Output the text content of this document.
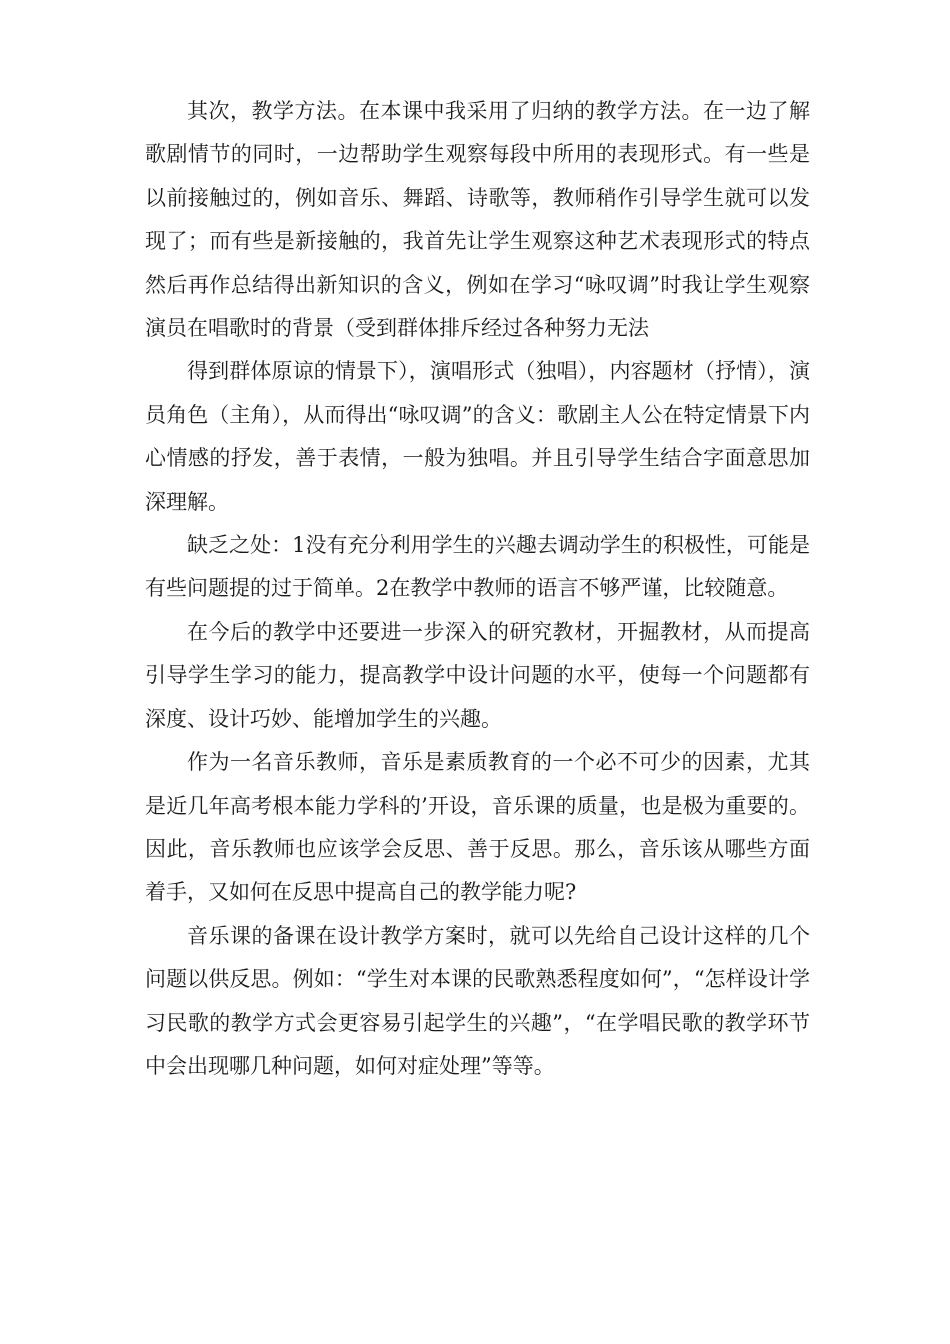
其次，教学方法。在本课中我采用了归纳的教学方法。在一边了解歌剧情节的同时，一边帮助学生观察每段中所用的表现形式。有一些是以前接触过的，例如音乐、舞蹈、诗歌等，教师稍作引导学生就可以发现了；而有些是新接触的，我首先让学生观察这种艺术表现形式的特点然后再作总结得出新知识的含义，例如在学习“咏叹调”时我让学生观察演员在唱歌时的背景（受到群体排斥经过各种努力无法

得到群体原谅的情景下），演唱形式（独唱），内容题材（抒情），演员角色（主角），从而得出“咏叹调”的含义：歌剧主人公在特定情景下内心情感的抒发，善于表情，一般为独唱。并且引导学生结合字面意思加深理解。

缺乏之处：1没有充分利用学生的兴趣去调动学生的积极性，可能是有些问题提的过于简单。2在教学中教师的语言不够严谨，比较随意。

在今后的教学中还要进一步深入的研究教材，开掘教材，从而提高引导学生学习的能力，提高教学中设计问题的水平，使每一个问题都有深度、设计巧妙、能增加学生的兴趣。

作为一名音乐教师，音乐是素质教育的一个必不可少的因素，尤其是近几年高考根本能力学科的’开设，音乐课的质量，也是极为重要的。因此，音乐教师也应该学会反思、善于反思。那么，音乐该从哪些方面着手，又如何在反思中提高自己的教学能力呢?

音乐课的备课在设计教学方案时，就可以先给自己设计这样的几个问题以供反思。例如：“学生对本课的民歌熟悉程度如何”，“怎样设计学习民歌的教学方式会更容易引起学生的兴趣”，“在学唱民歌的教学环节中会出现哪几种问题，如何对症处理”等等。
